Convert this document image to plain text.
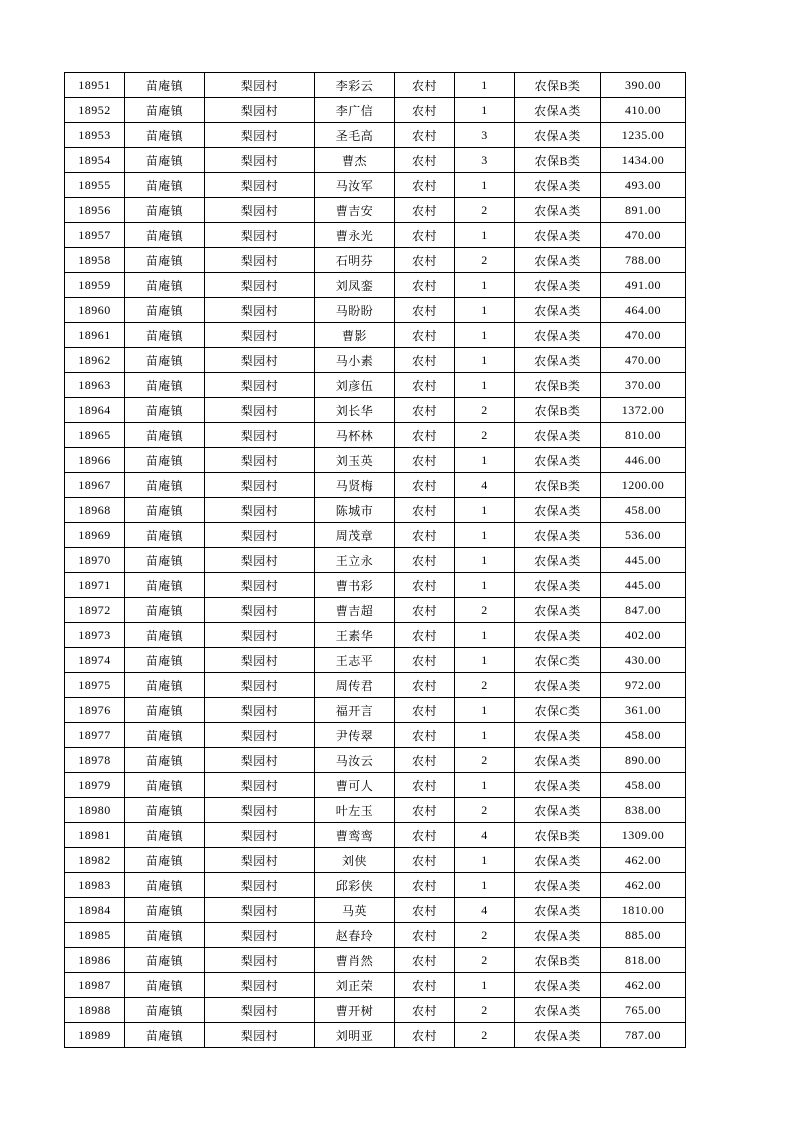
18951	苗庵镇	梨园村	李彩云	农村	1	农保B类	390.00
18952	苗庵镇	梨园村	李广信	农村	1	农保A类	410.00
18953	苗庵镇	梨园村	圣毛高	农村	3	农保A类	1235.00
18954	苗庵镇	梨园村	曹杰	农村	3	农保B类	1434.00
18955	苗庵镇	梨园村	马汝军	农村	1	农保A类	493.00
18956	苗庵镇	梨园村	曹吉安	农村	2	农保A类	891.00
18957	苗庵镇	梨园村	曹永光	农村	1	农保A类	470.00
18958	苗庵镇	梨园村	石明芬	农村	2	农保A类	788.00
18959	苗庵镇	梨园村	刘凤銮	农村	1	农保A类	491.00
18960	苗庵镇	梨园村	马盼盼	农村	1	农保A类	464.00
18961	苗庵镇	梨园村	曹影	农村	1	农保A类	470.00
18962	苗庵镇	梨园村	马小素	农村	1	农保A类	470.00
18963	苗庵镇	梨园村	刘彦伍	农村	1	农保B类	370.00
18964	苗庵镇	梨园村	刘长华	农村	2	农保B类	1372.00
18965	苗庵镇	梨园村	马杯林	农村	2	农保A类	810.00
18966	苗庵镇	梨园村	刘玉英	农村	1	农保A类	446.00
18967	苗庵镇	梨园村	马贤梅	农村	4	农保B类	1200.00
18968	苗庵镇	梨园村	陈城市	农村	1	农保A类	458.00
18969	苗庵镇	梨园村	周茂章	农村	1	农保A类	536.00
18970	苗庵镇	梨园村	王立永	农村	1	农保A类	445.00
18971	苗庵镇	梨园村	曹书彩	农村	1	农保A类	445.00
18972	苗庵镇	梨园村	曹吉超	农村	2	农保A类	847.00
18973	苗庵镇	梨园村	王素华	农村	1	农保A类	402.00
18974	苗庵镇	梨园村	王志平	农村	1	农保C类	430.00
18975	苗庵镇	梨园村	周传君	农村	2	农保A类	972.00
18976	苗庵镇	梨园村	福开言	农村	1	农保C类	361.00
18977	苗庵镇	梨园村	尹传翠	农村	1	农保A类	458.00
18978	苗庵镇	梨园村	马汝云	农村	2	农保A类	890.00
18979	苗庵镇	梨园村	曹可人	农村	1	农保A类	458.00
18980	苗庵镇	梨园村	叶左玉	农村	2	农保A类	838.00
18981	苗庵镇	梨园村	曹鸾鸾	农村	4	农保B类	1309.00
18982	苗庵镇	梨园村	刘侠	农村	1	农保A类	462.00
18983	苗庵镇	梨园村	邱彩侠	农村	1	农保A类	462.00
18984	苗庵镇	梨园村	马英	农村	4	农保A类	1810.00
18985	苗庵镇	梨园村	赵春玲	农村	2	农保A类	885.00
18986	苗庵镇	梨园村	曹肖然	农村	2	农保B类	818.00
18987	苗庵镇	梨园村	刘正荣	农村	1	农保A类	462.00
18988	苗庵镇	梨园村	曹开树	农村	2	农保A类	765.00
18989	苗庵镇	梨园村	刘明亚	农村	2	农保A类	787.00
